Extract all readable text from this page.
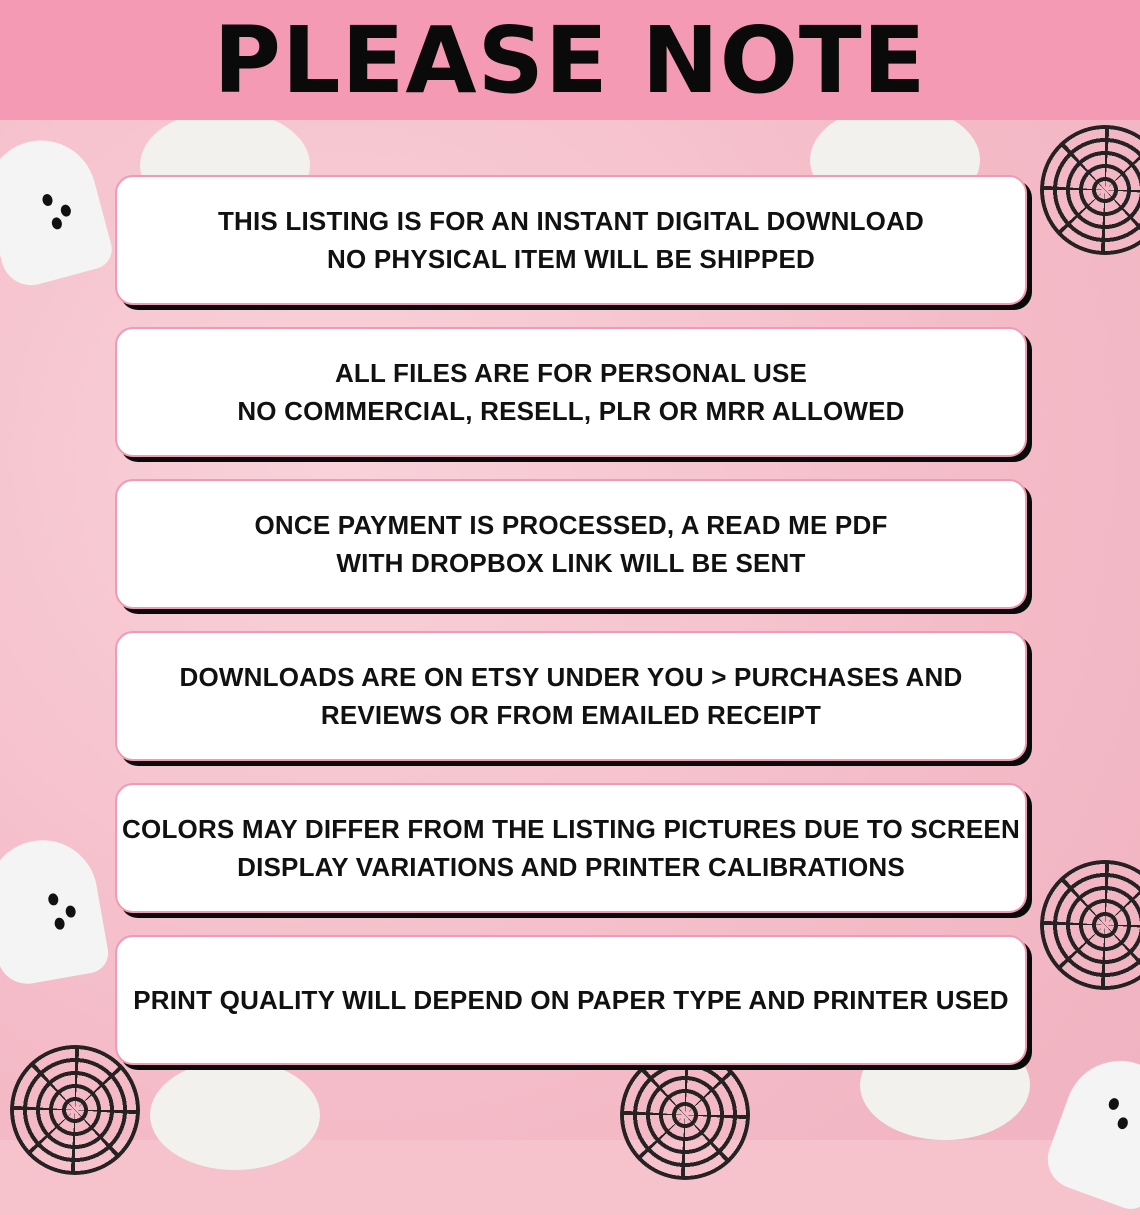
PLEASE NOTE
THIS LISTING IS FOR AN INSTANT DIGITAL DOWNLOAD
NO PHYSICAL ITEM WILL BE SHIPPED
ALL FILES ARE FOR PERSONAL USE
NO COMMERCIAL, RESELL, PLR OR MRR ALLOWED
ONCE PAYMENT IS PROCESSED, A READ ME PDF
WITH DROPBOX LINK WILL BE SENT
DOWNLOADS ARE ON ETSY UNDER YOU > PURCHASES AND
REVIEWS OR FROM EMAILED RECEIPT
COLORS MAY DIFFER FROM THE LISTING PICTURES DUE TO SCREEN
DISPLAY VARIATIONS AND PRINTER CALIBRATIONS
PRINT QUALITY WILL DEPEND ON PAPER TYPE AND PRINTER USED
